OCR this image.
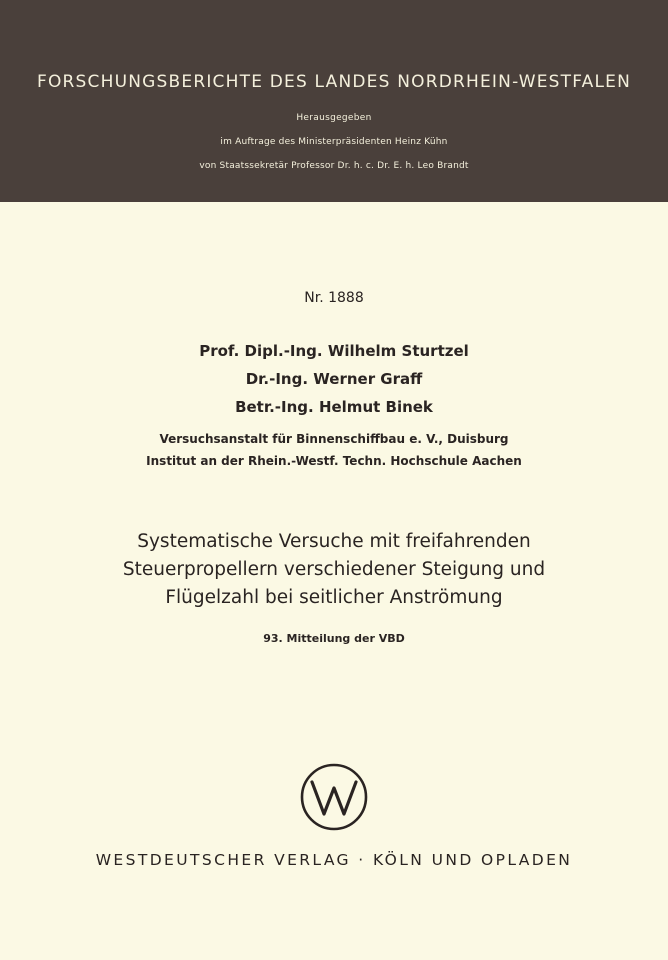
FORSCHUNGSBERICHTE DES LANDES NORDRHEIN-WESTFALEN
Herausgegeben
im Auftrage des Ministerpräsidenten Heinz Kühn
von Staatssekretär Professor Dr. h. c. Dr. E. h. Leo Brandt
Nr. 1888
Prof. Dipl.-Ing. Wilhelm Sturtzel
Dr.-Ing. Werner Graff
Betr.-Ing. Helmut Binek
Versuchsanstalt für Binnenschiffbau e. V., Duisburg
Institut an der Rhein.-Westf. Techn. Hochschule Aachen
Systematische Versuche mit freifahrenden
Steuerpropellern verschiedener Steigung und
Flügelzahl bei seitlicher Anströmung
93. Mitteilung der VBD
WESTDEUTSCHER VERLAG · KÖLN UND OPLADEN
